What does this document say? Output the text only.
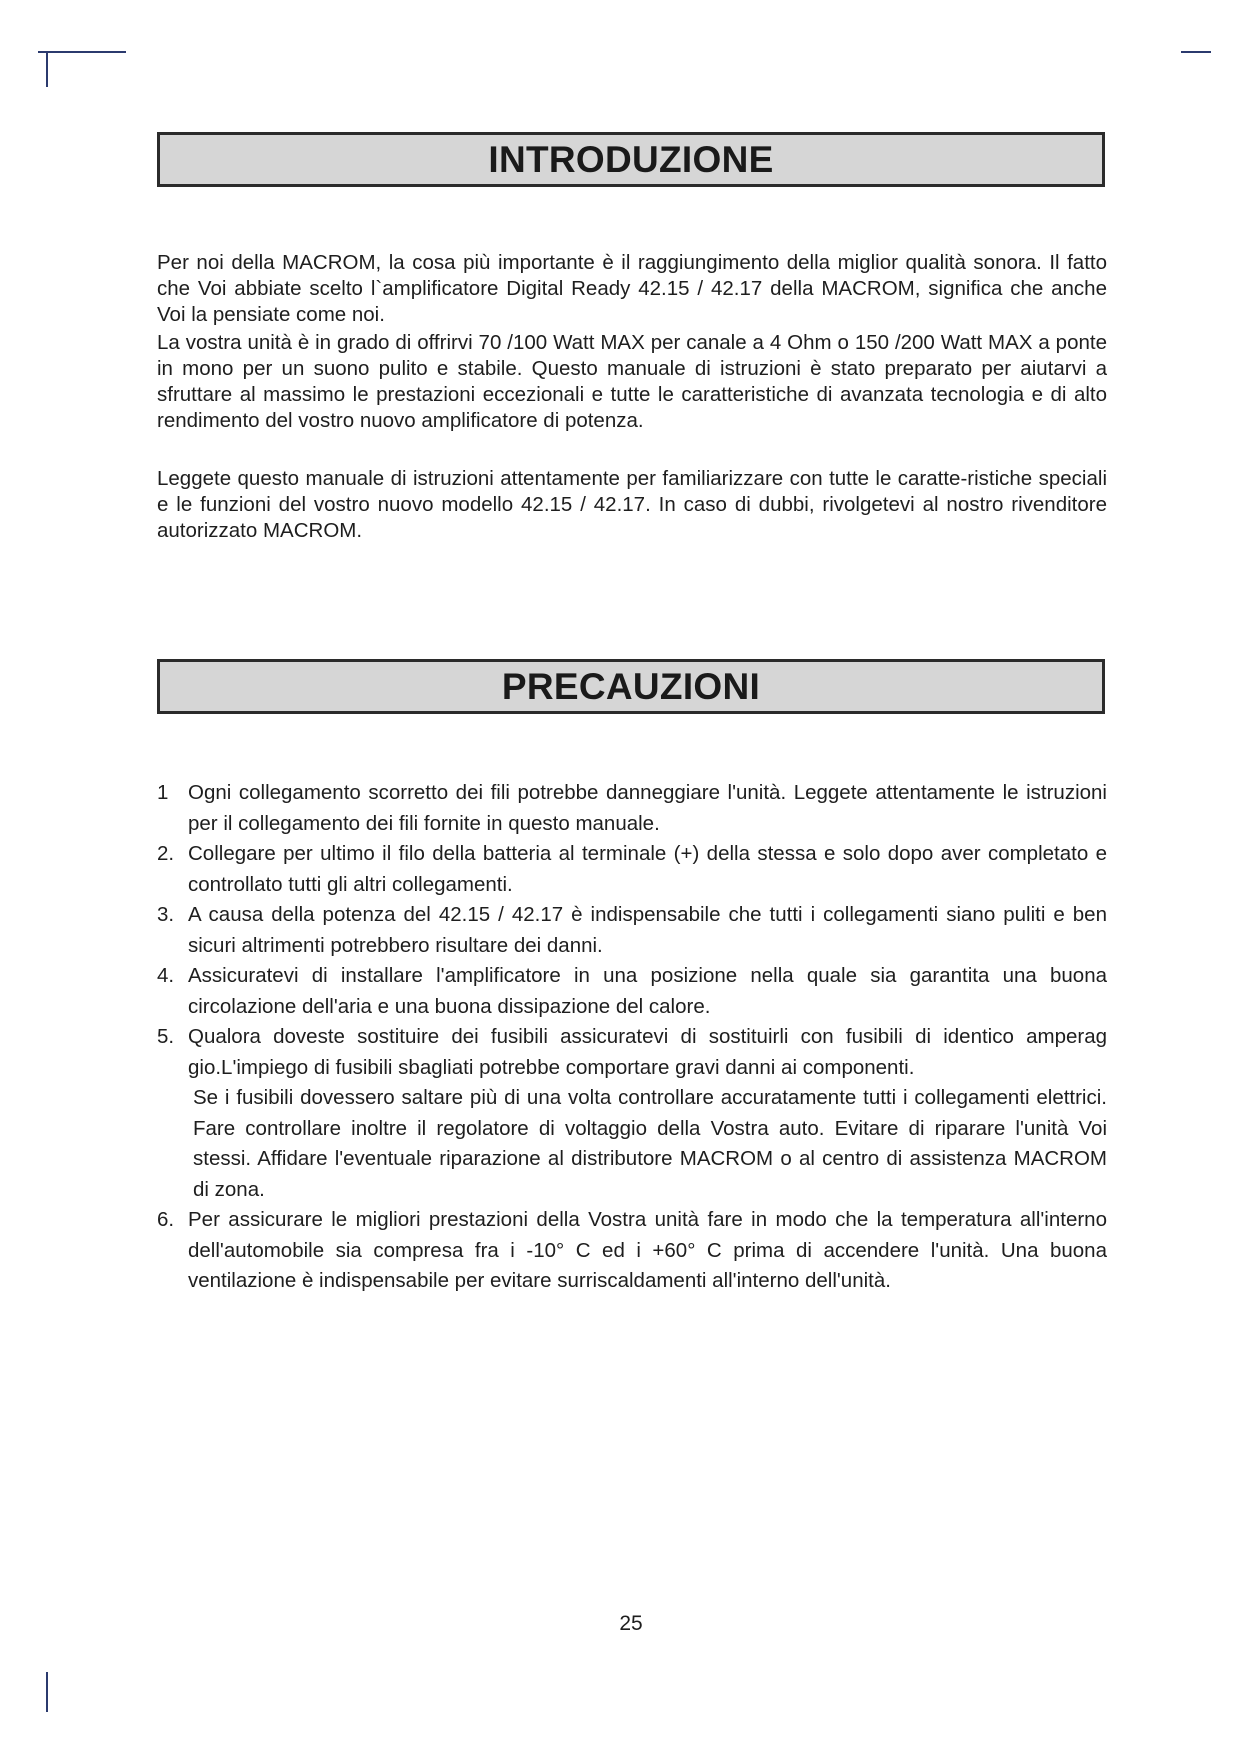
INTRODUZIONE

Per noi della MACROM, la cosa più importante è il raggiungimento della miglior qualità sonora. Il fatto che Voi abbiate scelto l`amplificatore Digital Ready 42.15 / 42.17 della MACROM, significa che anche Voi la pensiate come noi.

La vostra unità è in grado di offrirvi 70 /100 Watt MAX per canale a 4 Ohm o 150 /200 Watt MAX a ponte in mono per un suono pulito e stabile. Questo manuale di istruzioni è stato preparato per aiutarvi a sfruttare al massimo le prestazioni eccezionali e tutte le caratteristiche di avanzata tecnologia e di alto rendimento del vostro nuovo amplificatore di potenza.

Leggete questo manuale di istruzioni attentamente per familiarizzare con tutte le caratte-ristiche speciali e le funzioni del vostro nuovo modello 42.15 / 42.17. In caso di dubbi, rivolgetevi al nostro rivenditore autorizzato MACROM.

PRECAUZIONI
1 Ogni collegamento scorretto dei fili potrebbe danneggiare l'unità. Leggete attentamente le istruzioni per il collegamento dei fili fornite in questo manuale.
2. Collegare per ultimo il filo della batteria al terminale (+) della stessa e solo dopo aver completato e controllato tutti gli altri collegamenti.
3. A causa della potenza del 42.15 / 42.17 è indispensabile che tutti i collegamenti siano puliti e ben sicuri altrimenti potrebbero risultare dei danni.
4. Assicuratevi di installare l'amplificatore in una posizione nella quale sia garantita una buona circolazione dell'aria e una buona dissipazione del calore.
5. Qualora doveste sostituire dei fusibili assicuratevi di sostituirli con fusibili di identico amperag gio.L'impiego di fusibili sbagliati potrebbe comportare gravi danni ai componenti.

Se i fusibili dovessero saltare più di una volta controllare accuratamente tutti i collegamenti elettrici. Fare controllare inoltre il regolatore di voltaggio della Vostra auto. Evitare di riparare l'unità Voi stessi. Affidare l'eventuale riparazione al distributore MACROM o al centro di assistenza MACROM di zona.

6. Per assicurare le migliori prestazioni della Vostra unità fare in modo che la temperatura all'interno dell'automobile sia compresa fra i -10° C ed i +60° C prima di accendere l'unità. Una buona ventilazione è indispensabile per evitare surriscaldamenti all'interno dell'unità.
25
